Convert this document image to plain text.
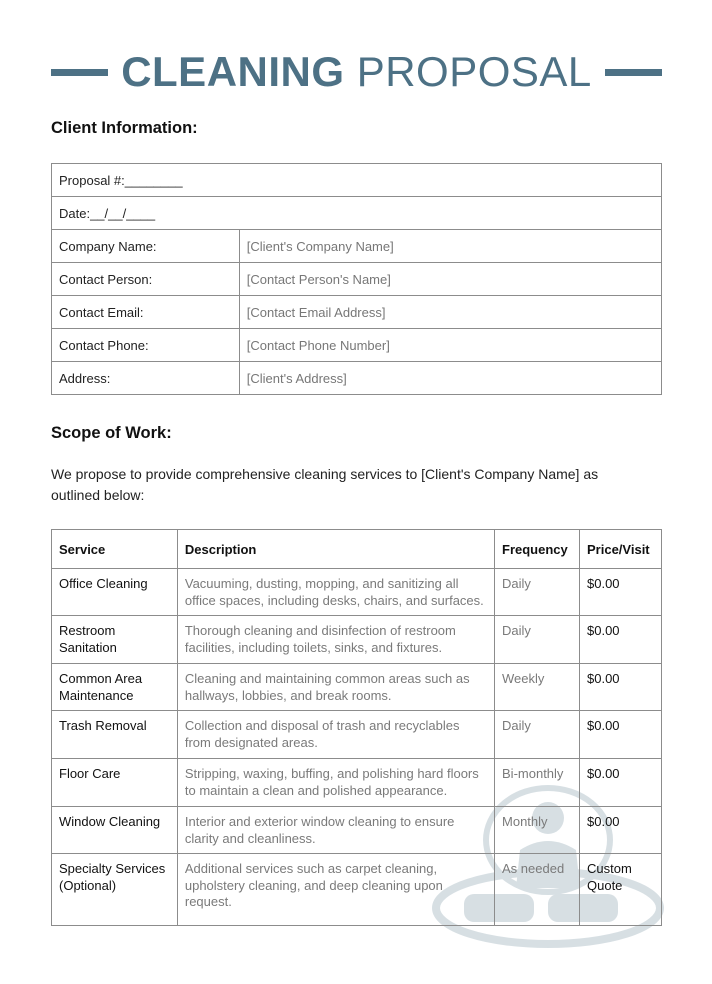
CLEANING PROPOSAL
Client Information:
Proposal #:________	
Date:__/__/____	
Company Name:	[Client's Company Name]
Contact Person:	[Contact Person's Name]
Contact Email:	[Contact Email Address]
Contact Phone:	[Contact Phone Number]
Address:	[Client's Address]
Scope of Work:
We propose to provide comprehensive cleaning services to [Client's Company Name] as outlined below:
Service	Description	Frequency	Price/Visit
Office Cleaning	Vacuuming, dusting, mopping, and sanitizing all office spaces, including desks, chairs, and surfaces.	Daily	$0.00
Restroom Sanitation	Thorough cleaning and disinfection of restroom facilities, including toilets, sinks, and fixtures.	Daily	$0.00
Common Area Maintenance	Cleaning and maintaining common areas such as hallways, lobbies, and break rooms.	Weekly	$0.00
Trash Removal	Collection and disposal of trash and recyclables from designated areas.	Daily	$0.00
Floor Care	Stripping, waxing, buffing, and polishing hard floors to maintain a clean and polished appearance.	Bi-monthly	$0.00
Window Cleaning	Interior and exterior window cleaning to ensure clarity and cleanliness.	Monthly	$0.00
Specialty Services (Optional)	Additional services such as carpet cleaning, upholstery cleaning, and deep cleaning upon request.	As needed	Custom Quote
